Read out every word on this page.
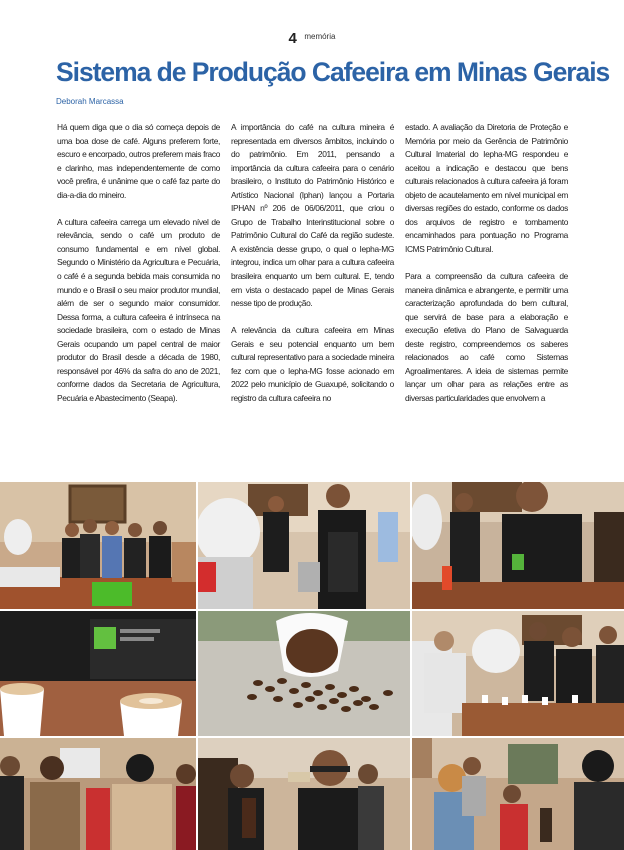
4 $^{memória}$
Sistema de Produção Cafeeira em Minas Gerais
Deborah Marcassa

Há quem diga que o dia só começa depois de uma boa dose de café. Alguns preferem forte, escuro e encorpado, outros preferem mais fraco e clarinho, mas independentemente de como você prefira, é unânime que o café faz parte do dia-a-dia do mineiro.

A cultura cafeeira carrega um elevado nível de relevância, sendo o café um produto de consumo fundamental e em nível global. Segundo o Ministério da Agricultura e Pecuária, o café é a segunda bebida mais consumida no mundo e o Brasil o seu maior produtor mundial, além de ser o segundo maior consumidor. Dessa forma, a cultura cafeeira é intrínseca na sociedade brasileira, com o estado de Minas Gerais ocupando um papel central de maior produtor do Brasil desde a década de 1980, responsável por 46% da safra do ano de 2021, conforme dados da Secretaria de Agricultura, Pecuária e Abastecimento (Seapa).

A importância do café na cultura mineira é representada em diversos âmbitos, incluindo o do patrimônio. Em 2011, pensando a importância da cultura cafeeira para o cenário brasileiro, o Instituto do Patrimônio Histórico e Artístico Nacional (Iphan) lançou a Portaria IPHAN nº 206 de 06/06/2011, que criou o Grupo de Trabalho Interinstitucional sobre o Patrimônio Cultural do Café da região sudeste. A existência desse grupo, o qual o Iepha-MG integrou, indica um olhar para a cultura cafeeira brasileira enquanto um bem cultural. E, tendo em vista o destacado papel de Minas Gerais nesse tipo de produção.

A relevância da cultura cafeeira em Minas Gerais e seu potencial enquanto um bem cultural representativo para a sociedade mineira fez com que o Iepha-MG fosse acionado em 2022 pelo município de Guaxupé, solicitando o registro da cultura cafeeira no

estado. A avaliação da Diretoria de Proteção e Memória por meio da Gerência de Patrimônio Cultural Imaterial do Iepha-MG respondeu e aceitou a indicação e destacou que bens culturais relacionados à cultura cafeeira já foram objeto de acautelamento em nível municipal em diversas regiões do estado, conforme os dados dos arquivos de registro e tombamento encaminhados para pontuação no Programa ICMS Patrimônio Cultural.

Para a compreensão da cultura cafeeira de maneira dinâmica e abrangente, e permitir uma caracterização aprofundada do bem cultural, que servirá de base para a elaboração e execução efetiva do Plano de Salvaguarda deste registro, compreendemos os saberes relacionados ao café como Sistemas Agroalimentares. A ideia de sistemas permite lançar um olhar para as relações entre as diversas particularidades que envolvem a
